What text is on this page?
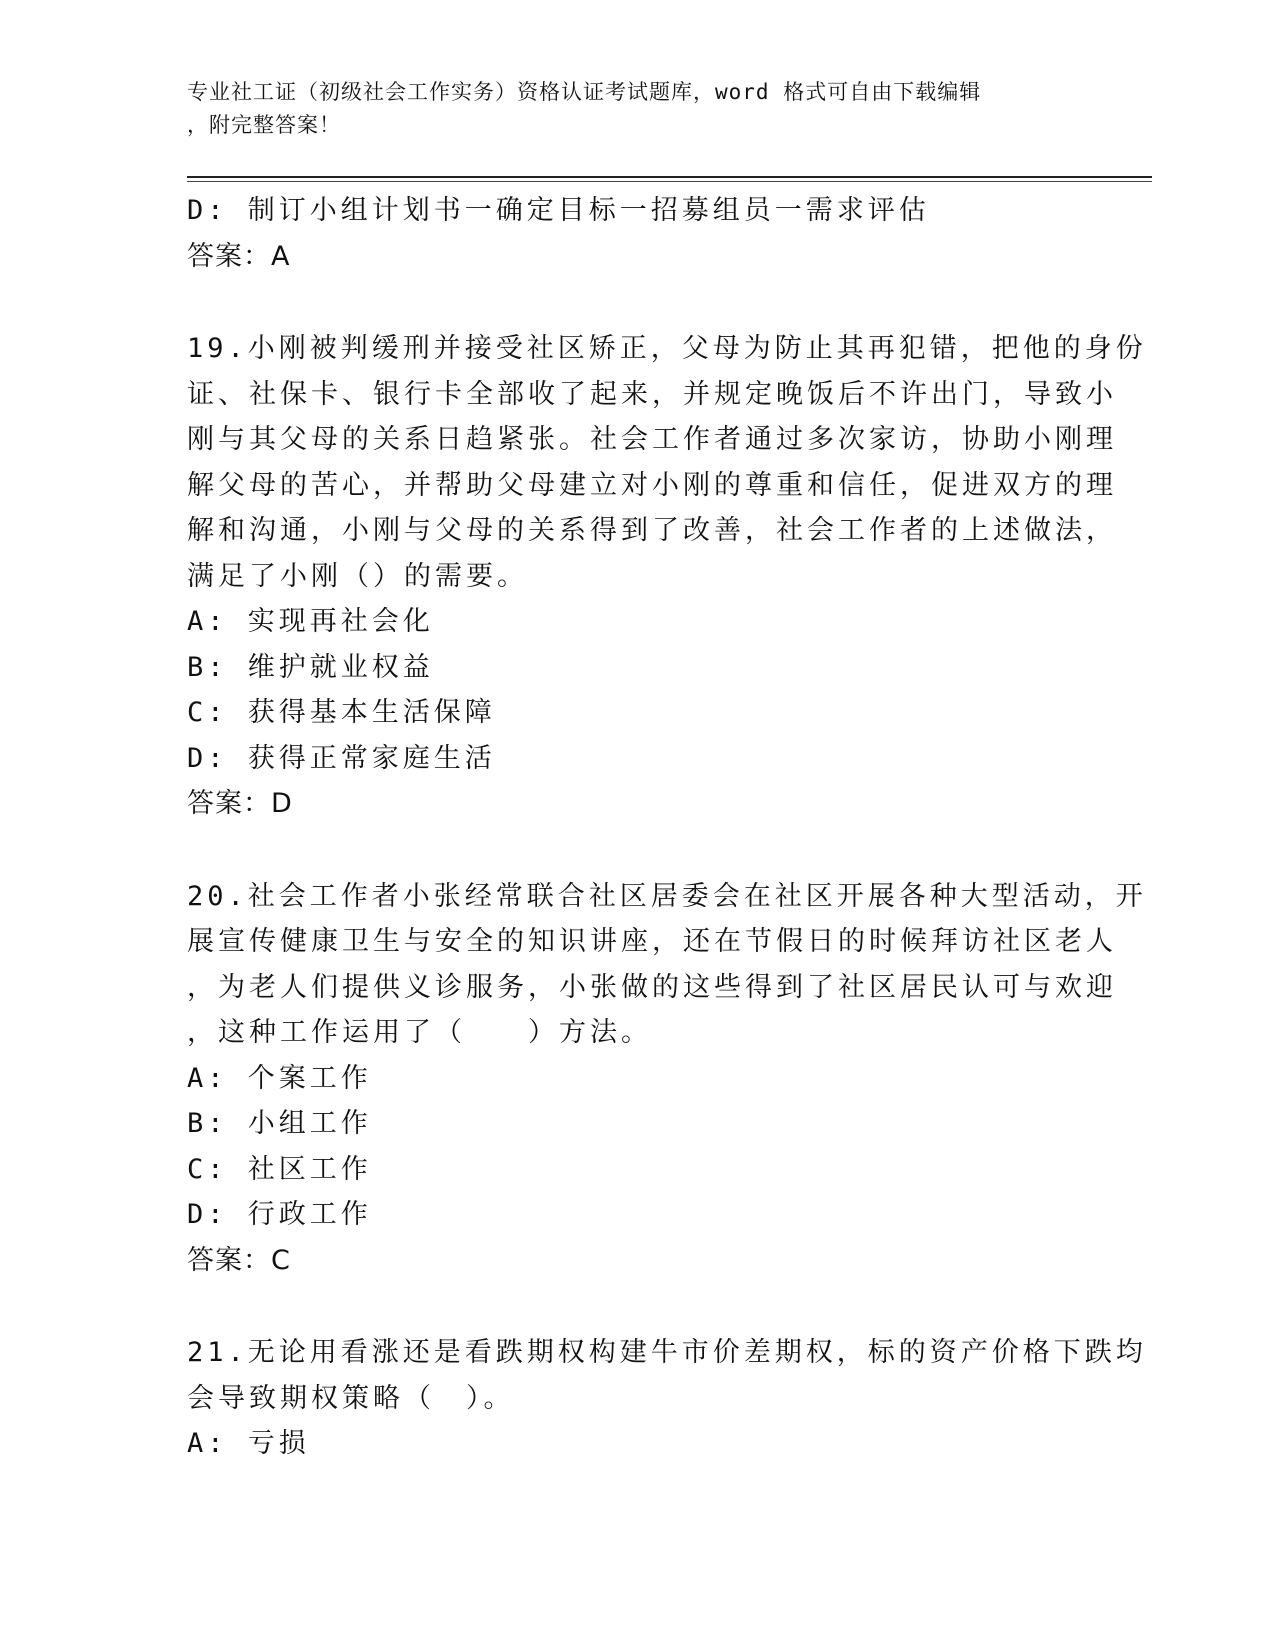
专业社工证（初级社会工作实务）资格认证考试题库，word 格式可自由下载编辑
，附完整答案！
D: 制订小组计划书一确定目标一招募组员一需求评估
答案：A
19.小刚被判缓刑并接受社区矫正，父母为防止其再犯错，把他的身份
证、社保卡、银行卡全部收了起来，并规定晚饭后不许出门，导致小
刚与其父母的关系日趋紧张。社会工作者通过多次家访，协助小刚理
解父母的苦心，并帮助父母建立对小刚的尊重和信任，促进双方的理
解和沟通，小刚与父母的关系得到了改善，社会工作者的上述做法，
满足了小刚（）的需要。
A: 实现再社会化
B: 维护就业权益
C: 获得基本生活保障
D: 获得正常家庭生活
答案：D
20.社会工作者小张经常联合社区居委会在社区开展各种大型活动，开
展宣传健康卫生与安全的知识讲座，还在节假日的时候拜访社区老人
，为老人们提供义诊服务，小张做的这些得到了社区居民认可与欢迎
，这种工作运用了（　　）方法。
A: 个案工作
B: 小组工作
C: 社区工作
D: 行政工作
答案：C
21.无论用看涨还是看跌期权构建牛市价差期权，标的资产价格下跌均
会导致期权策略（　）。
A: 亏损
